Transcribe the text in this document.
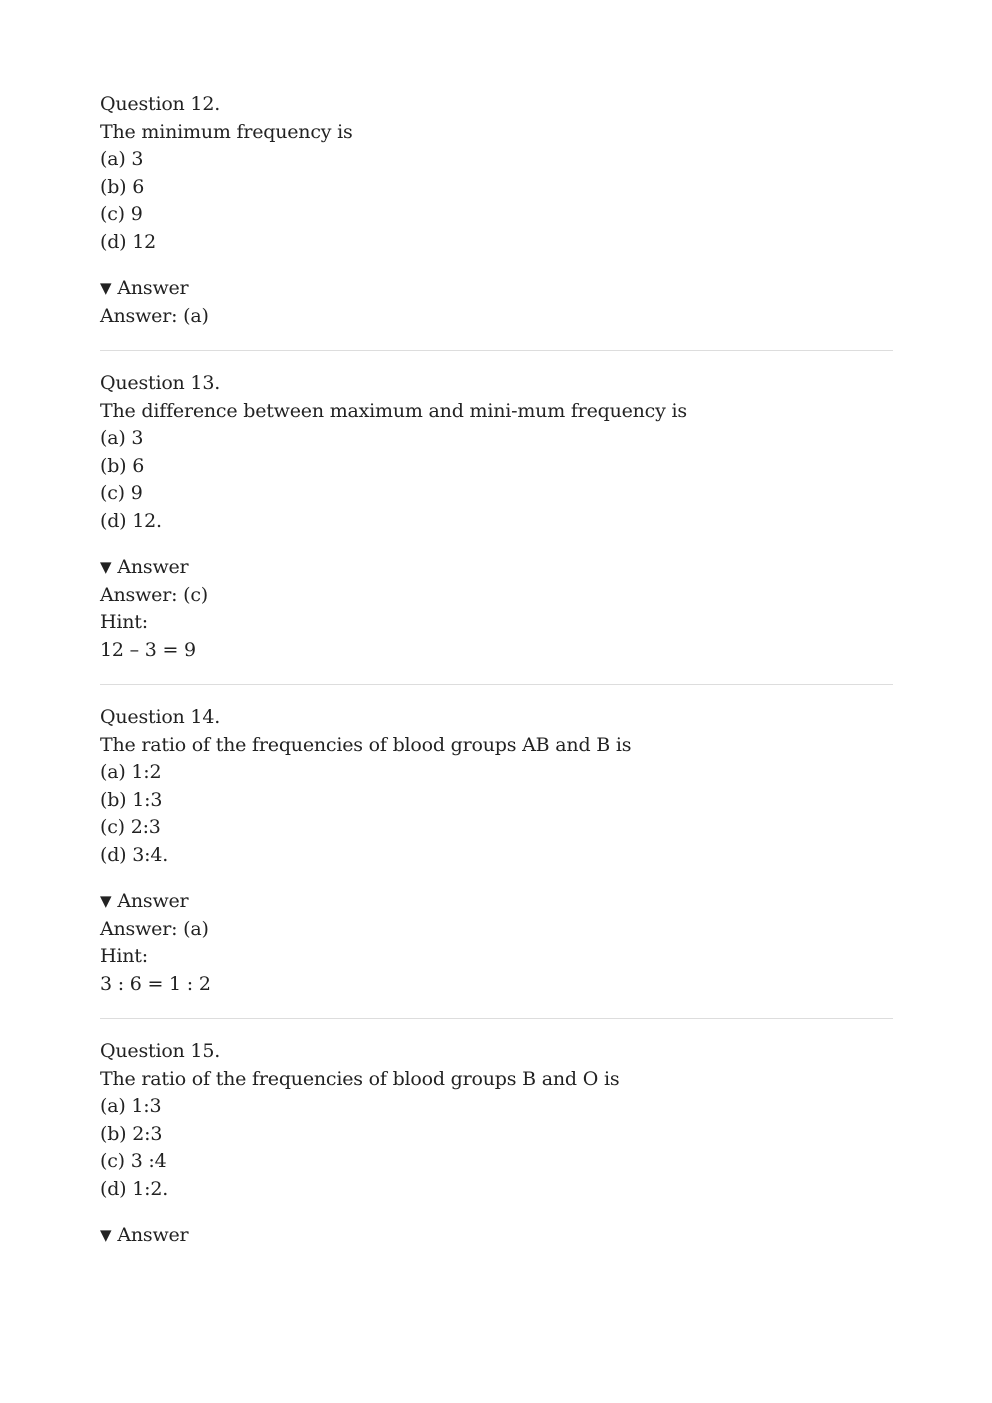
Question 12.
The minimum frequency is
(a) 3
(b) 6
(c) 9
(d) 12
▼ Answer
Answer: (a)
Question 13.
The difference between maximum and mini-mum frequency is
(a) 3
(b) 6
(c) 9
(d) 12.
▼ Answer
Answer: (c)
Hint:
12 – 3 = 9
Question 14.
The ratio of the frequencies of blood groups AB and B is
(a) 1:2
(b) 1:3
(c) 2:3
(d) 3:4.
▼ Answer
Answer: (a)
Hint:
3 : 6 = 1 : 2
Question 15.
The ratio of the frequencies of blood groups B and O is
(a) 1:3
(b) 2:3
(c) 3 :4
(d) 1:2.
▼ Answer
